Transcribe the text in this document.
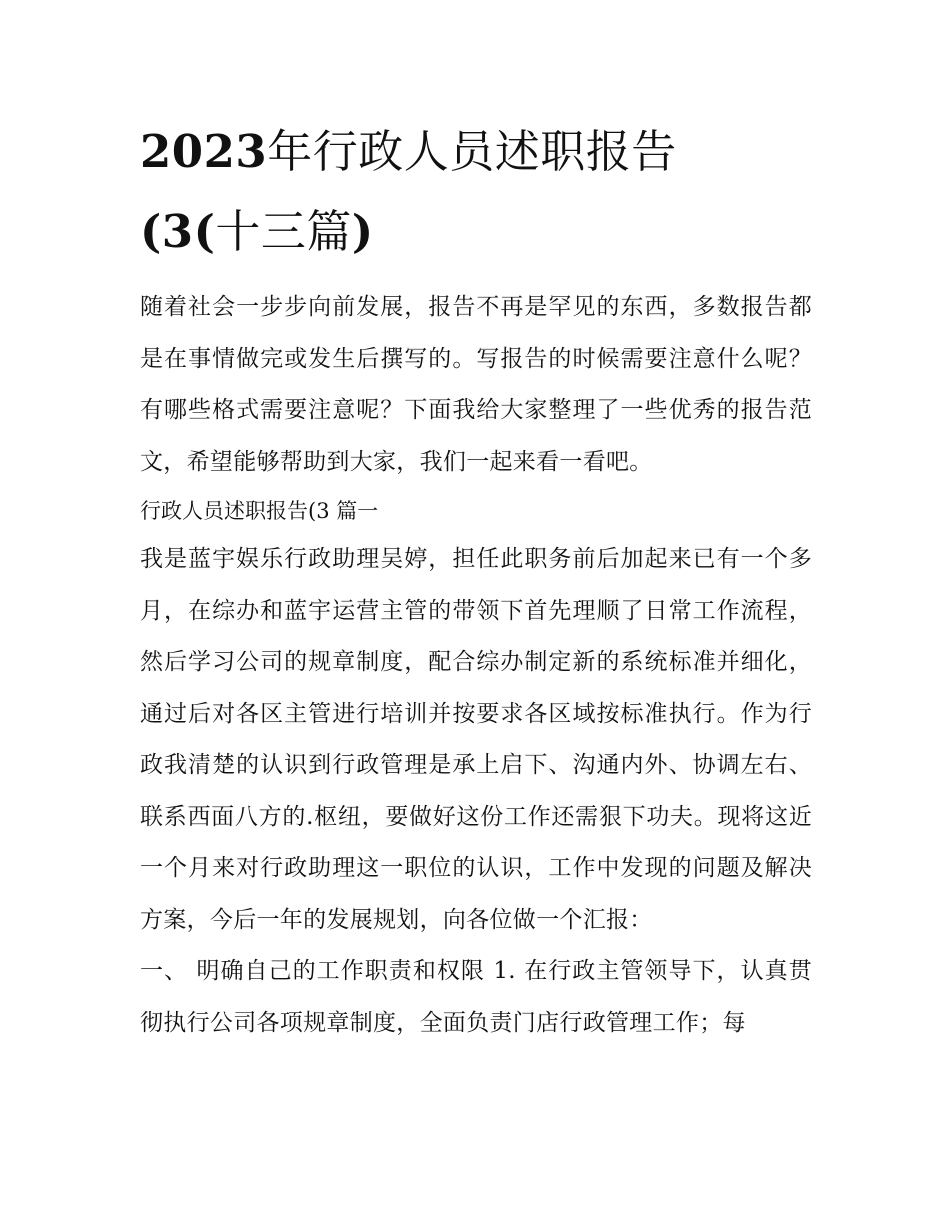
2023年行政人员述职报告
(3(十三篇)

随着社会一步步向前发展，报告不再是罕见的东西，多数报告都是在事情做完或发生后撰写的。写报告的时候需要注意什么呢？有哪些格式需要注意呢？下面我给大家整理了一些优秀的报告范文，希望能够帮助到大家，我们一起来看一看吧。

行政人员述职报告(3 篇一

我是蓝宇娱乐行政助理吴婷，担任此职务前后加起来已有一个多月，在综办和蓝宇运营主管的带领下首先理顺了日常工作流程，然后学习公司的规章制度，配合综办制定新的系统标准并细化，通过后对各区主管进行培训并按要求各区域按标准执行。作为行政我清楚的认识到行政管理是承上启下、沟通内外、协调左右、联系西面八方的.枢纽，要做好这份工作还需狠下功夫。现将这近一个月来对行政助理这一职位的认识，工作中发现的问题及解决方案，今后一年的发展规划，向各位做一个汇报：

一、 明确自己的工作职责和权限 1. 在行政主管领导下，认真贯彻执行公司各项规章制度，全面负责门店行政管理工作；每
